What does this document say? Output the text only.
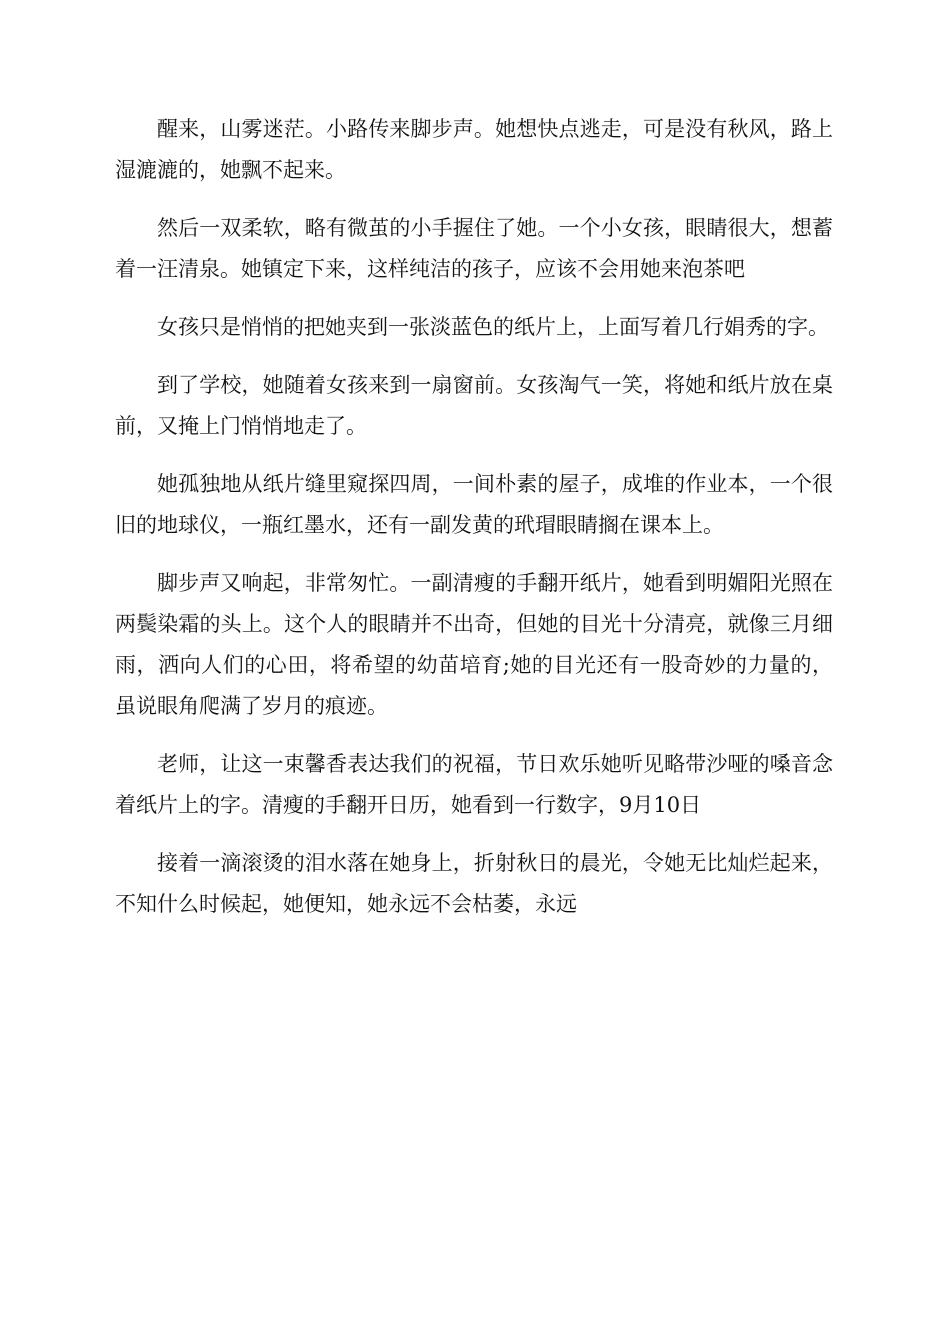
醒来，山雾迷茫。小路传来脚步声。她想快点逃走，可是没有秋风，路上湿漉漉的，她飘不起来。

然后一双柔软，略有微茧的小手握住了她。一个小女孩，眼睛很大，想蓄着一汪清泉。她镇定下来，这样纯洁的孩子，应该不会用她来泡茶吧

女孩只是悄悄的把她夹到一张淡蓝色的纸片上，上面写着几行娟秀的字。

到了学校，她随着女孩来到一扇窗前。女孩淘气一笑，将她和纸片放在桌前，又掩上门悄悄地走了。

她孤独地从纸片缝里窥探四周，一间朴素的屋子，成堆的作业本，一个很旧的地球仪，一瓶红墨水，还有一副发黄的玳瑁眼睛搁在课本上。

脚步声又响起，非常匆忙。一副清瘦的手翻开纸片，她看到明媚阳光照在两鬓染霜的头上。这个人的眼睛并不出奇，但她的目光十分清亮，就像三月细雨，洒向人们的心田，将希望的幼苗培育;她的目光还有一股奇妙的力量的，虽说眼角爬满了岁月的痕迹。

老师，让这一束馨香表达我们的祝福，节日欢乐她听见略带沙哑的嗓音念着纸片上的字。清瘦的手翻开日历，她看到一行数字，9月10日

接着一滴滚烫的泪水落在她身上，折射秋日的晨光，令她无比灿烂起来，不知什么时候起，她便知，她永远不会枯萎，永远
